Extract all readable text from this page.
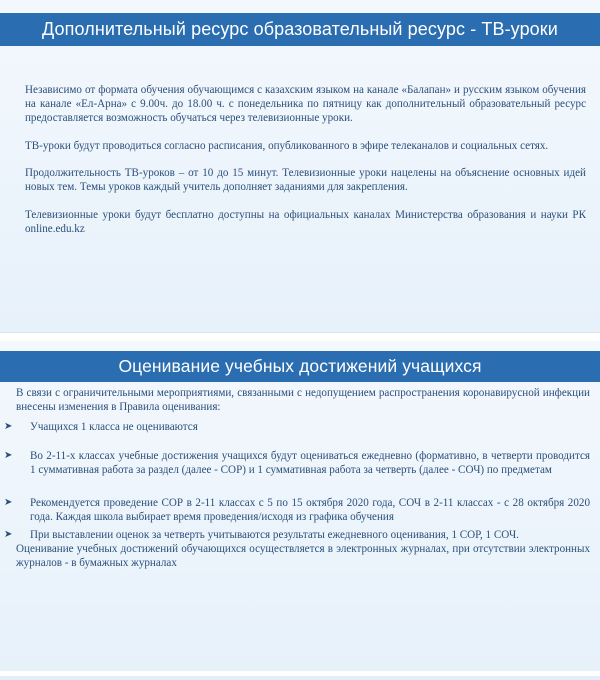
Дополнительный ресурс образовательный ресурс - ТВ-уроки

Независимо от формата обучения обучающимся с казахским языком на канале «Балапан» и русским языком обучения на канале «Ел-Арна» с 9.00ч. до 18.00 ч. с понедельника по пятницу как дополнительный образовательный ресурс предоставляется возможность обучаться через телевизионные уроки.

ТВ-уроки будут проводиться согласно расписания, опубликованного в эфире телеканалов и социальных сетях.

Продолжительность ТВ-уроков – от 10 до 15 минут. Телевизионные уроки нацелены на объяснение основных идей новых тем. Темы уроков каждый учитель дополняет заданиями для закрепления.

Телевизионные уроки будут бесплатно доступны на официальных каналах Министерства образования и науки РК online.edu.kz

Оценивание учебных достижений учащихся

В связи с ограничительными мероприятиями, связанными с недопущением распространения коронавирусной инфекции внесены изменения в Правила оценивания:

➤	Учащихся 1 класса не оцениваются

➤	Во 2-11-х классах учебные достижения учащихся будут оцениваться ежедневно (формативно, в четверти проводится 1 суммативная работа за раздел (далее - СОР) и 1 суммативная работа за четверть (далее - СОЧ) по предметам

➤	Рекомендуется проведение СОР в 2-11 классах с 5 по 15 октября 2020 года, СОЧ в 2-11 классах - с 28 октября 2020 года. Каждая школа выбирает время проведения/исходя из графика обучения

➤	При выставлении оценок за четверть учитываются результаты ежедневного оценивания, 1 СОР, 1 СОЧ.

Оценивание учебных достижений обучающихся осуществляется в электронных журналах, при отсутствии электронных журналов - в бумажных журналах
